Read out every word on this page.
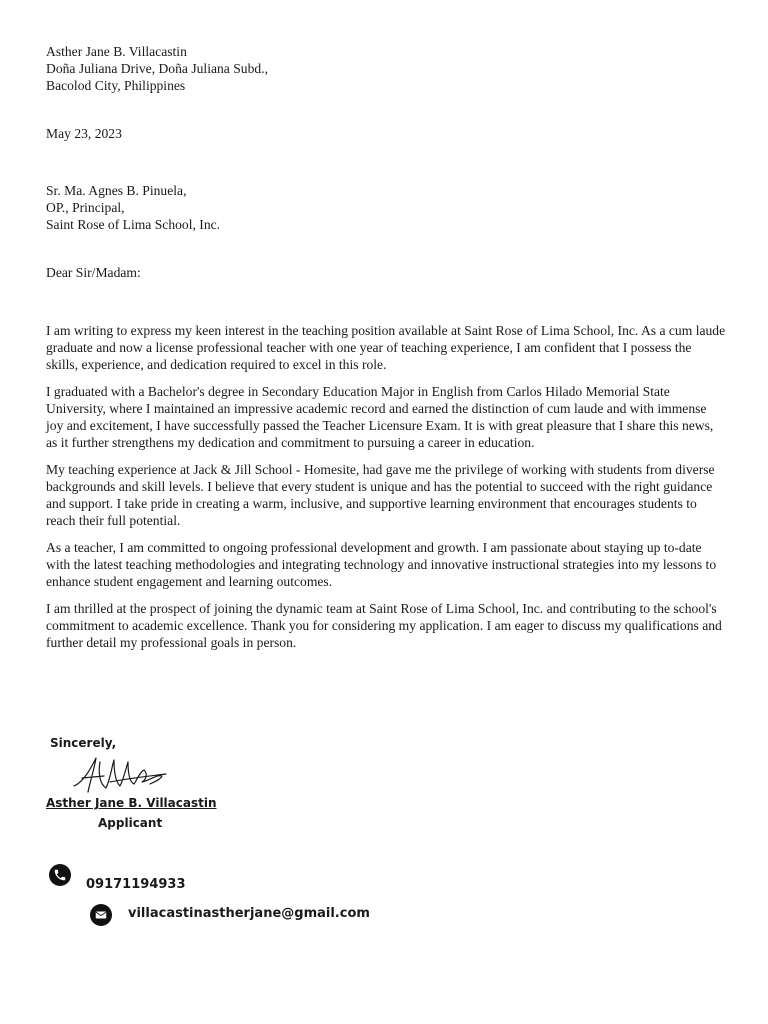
Asther Jane B. Villacastin
Doña Juliana Drive, Doña Juliana Subd.,
Bacolod City, Philippines
May 23, 2023
Sr. Ma. Agnes B. Pinuela,
OP., Principal,
Saint Rose of Lima School, Inc.
Dear Sir/Madam:

I am writing to express my keen interest in the teaching position available at Saint Rose of Lima School, Inc. As a cum laude graduate and now a license professional teacher with one year of teaching experience, I am confident that I possess the skills, experience, and dedication required to excel in this role.

I graduated with a Bachelor's degree in Secondary Education Major in English from Carlos Hilado Memorial State University, where I maintained an impressive academic record and earned the distinction of cum laude and with immense joy and excitement, I have successfully passed the Teacher Licensure Exam. It is with great pleasure that I share this news, as it further strengthens my dedication and commitment to pursuing a career in education.

My teaching experience at Jack & Jill School - Homesite, had gave me the privilege of working with students from diverse backgrounds and skill levels. I believe that every student is unique and has the potential to succeed with the right guidance and support. I take pride in creating a warm, inclusive, and supportive learning environment that encourages students to reach their full potential.

As a teacher, I am committed to ongoing professional development and growth. I am passionate about staying up to-date with the latest teaching methodologies and integrating technology and innovative instructional strategies into my lessons to enhance student engagement and learning outcomes.

I am thrilled at the prospect of joining the dynamic team at Saint Rose of Lima School, Inc. and contributing to the school's commitment to academic excellence. Thank you for considering my application. I am eager to discuss my qualifications and further detail my professional goals in person.

Sincerely,
Asther Jane B. Villacastin
Applicant
09171194933
villacastinastherjane@gmail.com
